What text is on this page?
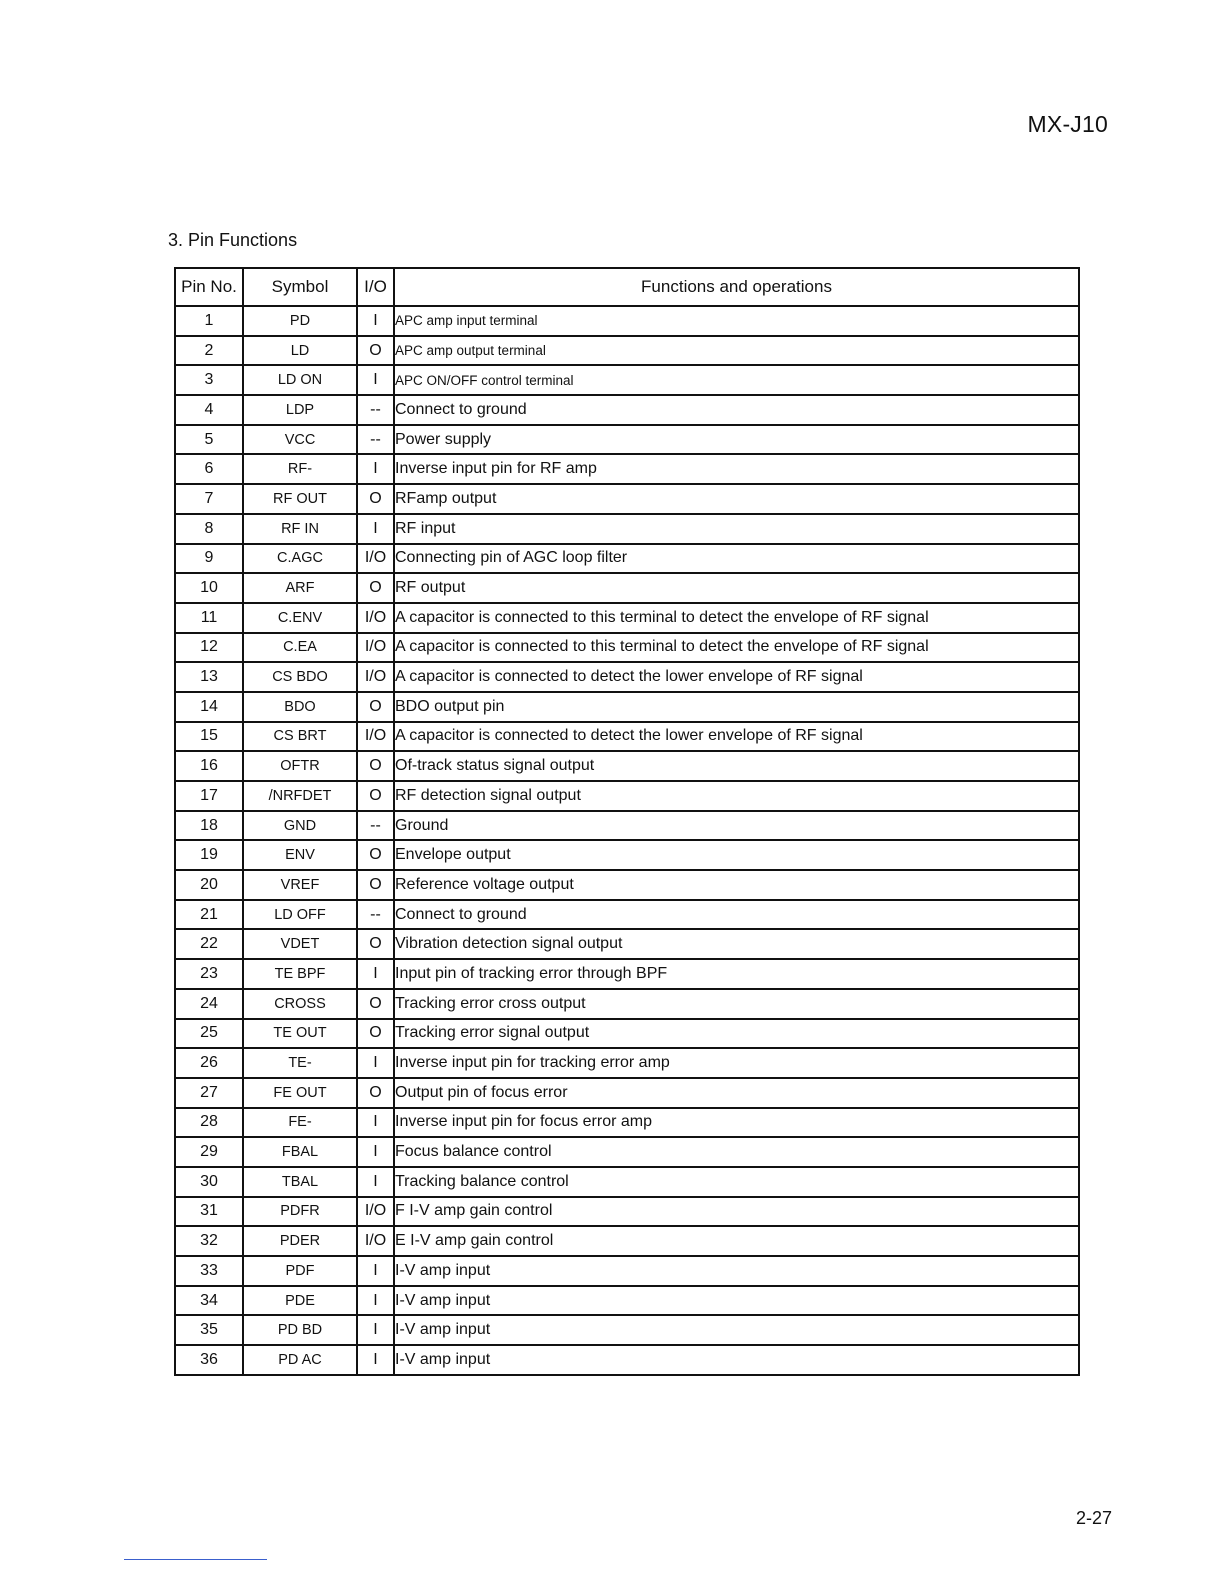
MX-J10
3. Pin Functions
Pin No.	Symbol	I/O	Functions and operations
1	PD	I	APC amp input terminal
2	LD	O	APC amp output terminal
3	LD ON	I	APC ON/OFF control terminal
4	LDP	--	Connect to ground
5	VCC	--	Power supply
6	RF-	I	Inverse input pin for RF amp
7	RF OUT	O	RFamp output
8	RF IN	I	RF input
9	C.AGC	I/O	Connecting pin of AGC loop filter
10	ARF	O	RF output
11	C.ENV	I/O	A capacitor is connected to this terminal to detect the envelope of RF signal
12	C.EA	I/O	A capacitor is connected to this terminal to detect the envelope of RF signal
13	CS BDO	I/O	A capacitor is connected to detect the lower envelope of RF signal
14	BDO	O	BDO output pin
15	CS BRT	I/O	A capacitor is connected to detect the lower envelope of RF signal
16	OFTR	O	Of-track status signal output
17	/NRFDET	O	RF detection signal output
18	GND	--	Ground
19	ENV	O	Envelope output
20	VREF	O	Reference voltage output
21	LD OFF	--	Connect to ground
22	VDET	O	Vibration detection signal output
23	TE BPF	I	Input pin of tracking error through BPF
24	CROSS	O	Tracking error cross output
25	TE OUT	O	Tracking error signal output
26	TE-	I	Inverse input pin for tracking error amp
27	FE OUT	O	Output pin of focus error
28	FE-	I	Inverse input pin for focus error amp
29	FBAL	I	Focus balance control
30	TBAL	I	Tracking balance control
31	PDFR	I/O	F I-V amp gain control
32	PDER	I/O	E I-V amp gain control
33	PDF	I	I-V amp input
34	PDE	I	I-V amp input
35	PD BD	I	I-V amp input
36	PD AC	I	I-V amp input
2-27
